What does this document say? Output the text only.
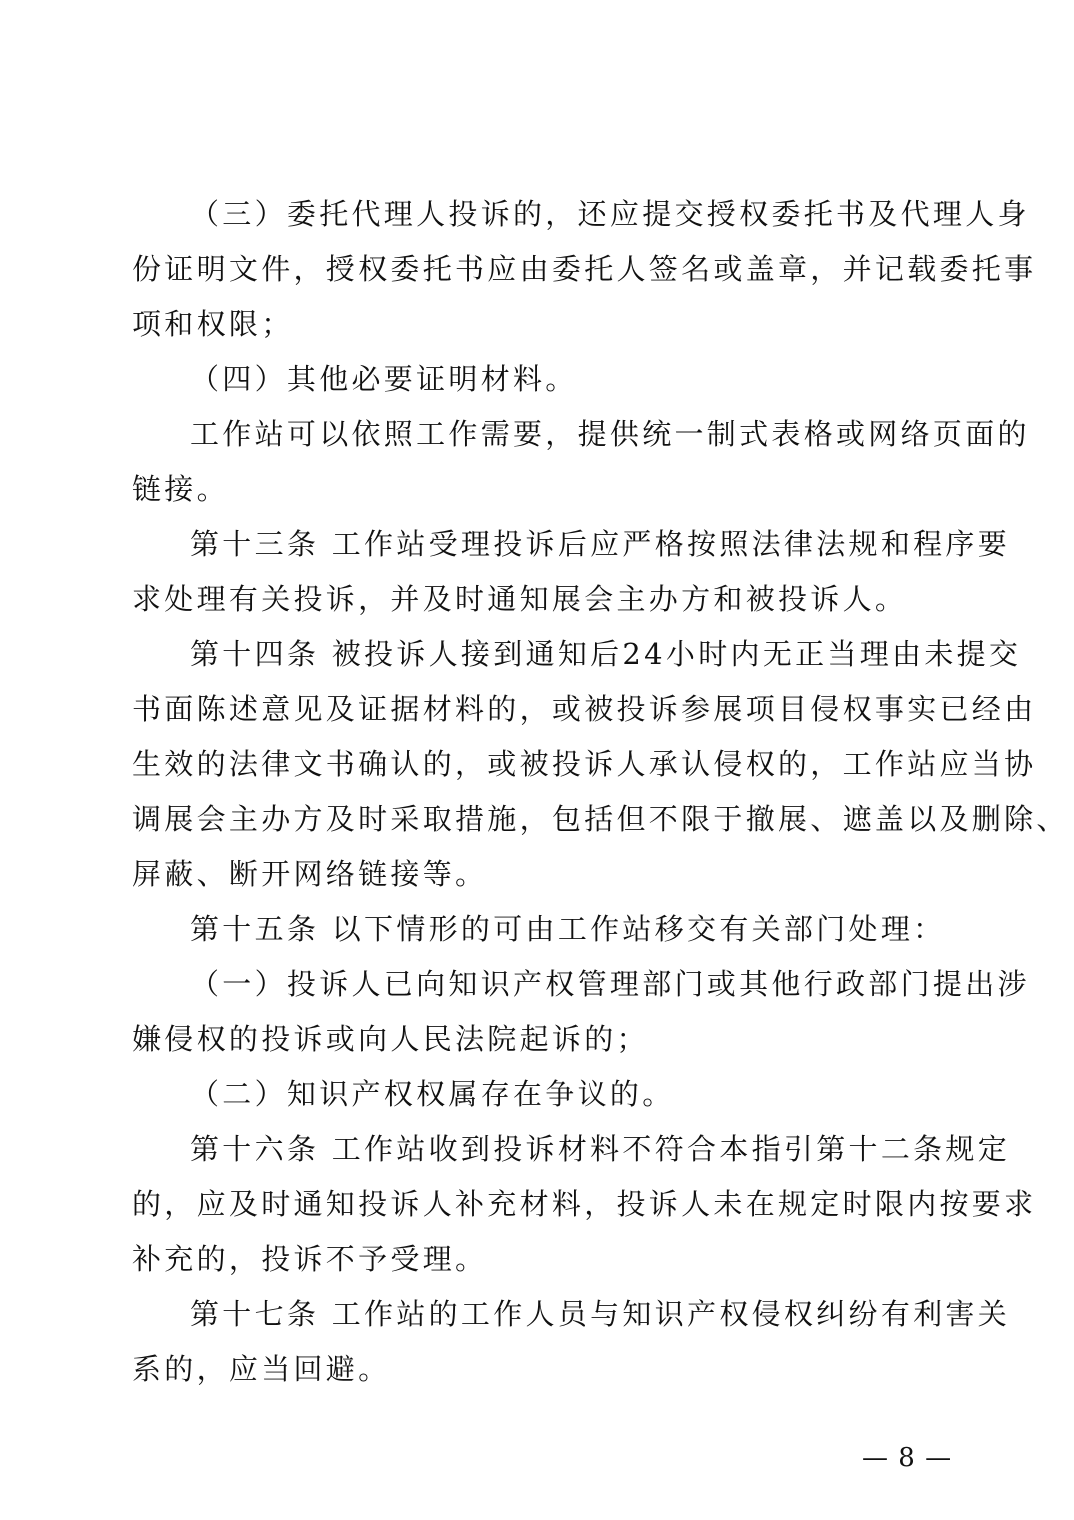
（三）委托代理人投诉的，还应提交授权委托书及代理人身
份证明文件，授权委托书应由委托人签名或盖章，并记载委托事
项和权限；
（四）其他必要证明材料。
工作站可以依照工作需要，提供统一制式表格或网络页面的
链接。
第十三条 工作站受理投诉后应严格按照法律法规和程序要
求处理有关投诉，并及时通知展会主办方和被投诉人。
第十四条 被投诉人接到通知后24小时内无正当理由未提交
书面陈述意见及证据材料的，或被投诉参展项目侵权事实已经由
生效的法律文书确认的，或被投诉人承认侵权的，工作站应当协
调展会主办方及时采取措施，包括但不限于撤展、遮盖以及删除、
屏蔽、断开网络链接等。
第十五条 以下情形的可由工作站移交有关部门处理：
（一）投诉人已向知识产权管理部门或其他行政部门提出涉
嫌侵权的投诉或向人民法院起诉的；
（二）知识产权权属存在争议的。
第十六条 工作站收到投诉材料不符合本指引第十二条规定
的，应及时通知投诉人补充材料，投诉人未在规定时限内按要求
补充的，投诉不予受理。
第十七条 工作站的工作人员与知识产权侵权纠纷有利害关
系的，应当回避。
— 8 —
